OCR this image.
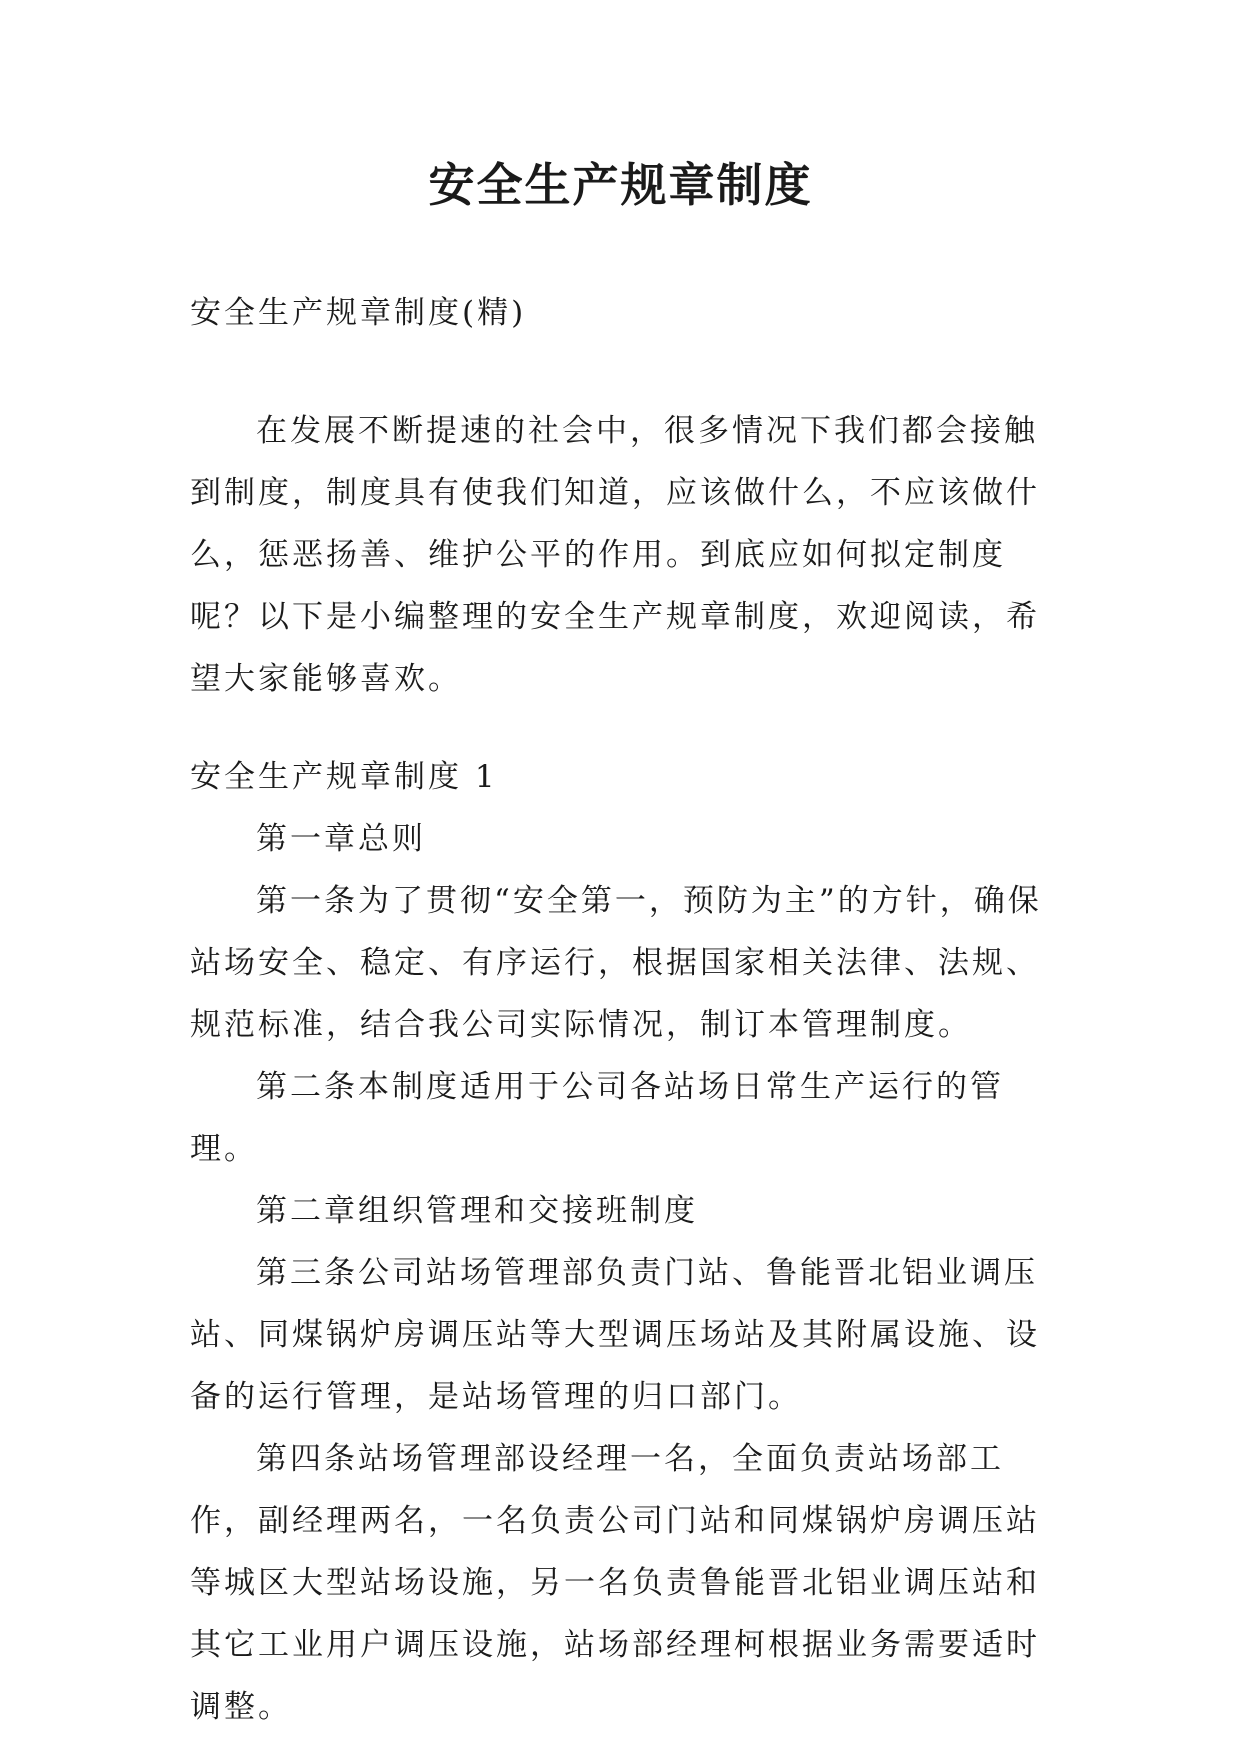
安全生产规章制度

安全生产规章制度(精)

在发展不断提速的社会中，很多情况下我们都会接触到制度，制度具有使我们知道，应该做什么，不应该做什么，惩恶扬善、维护公平的作用。到底应如何拟定制度呢？以下是小编整理的安全生产规章制度，欢迎阅读，希望大家能够喜欢。

安全生产规章制度 1

第一章总则

第一条为了贯彻“安全第一，预防为主”的方针，确保站场安全、稳定、有序运行，根据国家相关法律、法规、规范标准，结合我公司实际情况，制订本管理制度。

第二条本制度适用于公司各站场日常生产运行的管理。

第二章组织管理和交接班制度

第三条公司站场管理部负责门站、鲁能晋北铝业调压站、同煤锅炉房调压站等大型调压场站及其附属设施、设备的运行管理，是站场管理的归口部门。

第四条站场管理部设经理一名，全面负责站场部工作，副经理两名，一名负责公司门站和同煤锅炉房调压站等城区大型站场设施，另一名负责鲁能晋北铝业调压站和其它工业用户调压设施，站场部经理柯根据业务需要适时调整。
